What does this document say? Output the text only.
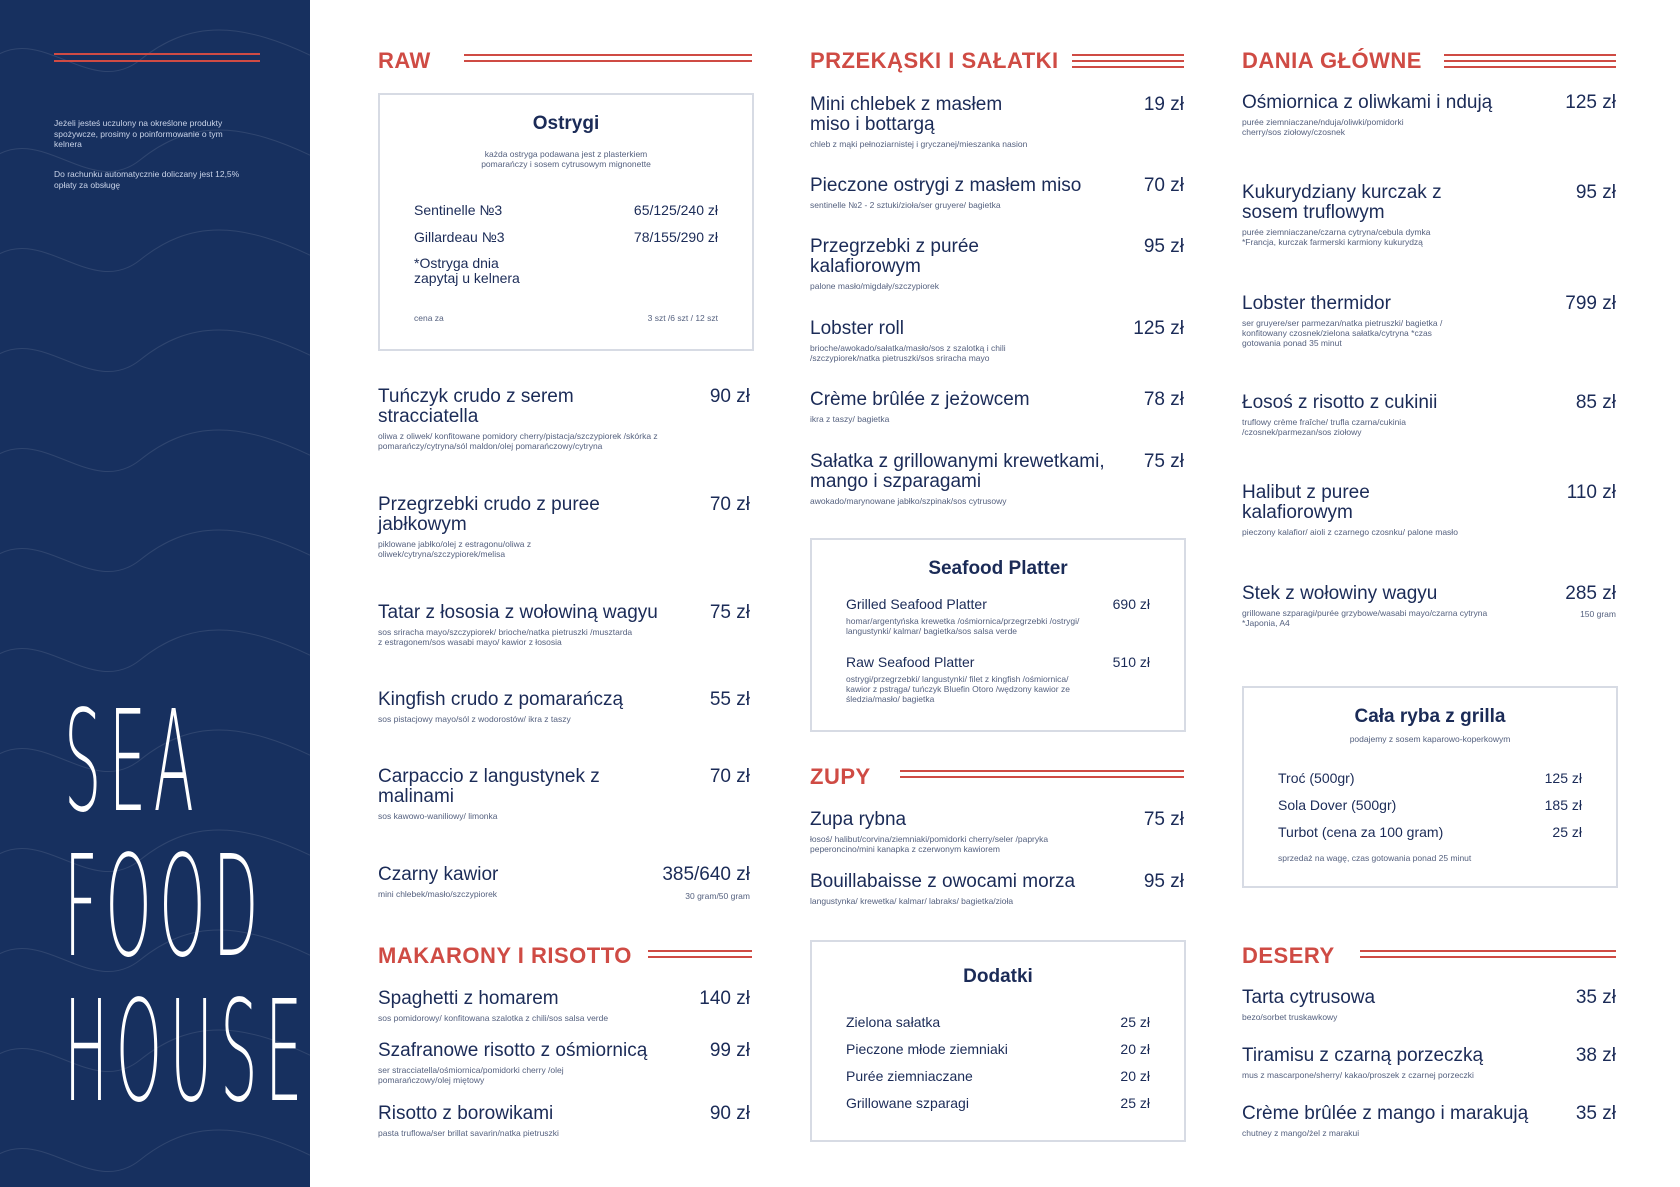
Jeżeli jesteś uczulony na określone produkty spożywcze, prosimy o poinformowanie o tym kelnera
Do rachunku automatycznie doliczany jest 12,5% opłaty za obsługę
SEA
FOOD
HOUSE
RAW
Ostrygi
każda ostryga podawana jest z plasterkiem pomarańczy i sosem cytrusowym mignonette
Sentinelle №3	65/125/240 zł
Gillardeau №3	78/155/290 zł
*Ostryga dnia zapytaj u kelnera
cena za	3 szt /6 szt / 12 szt
Tuńczyk crudo z serem stracciatella
90 zł
oliwa z oliwek/ konfitowane pomidory cherry/pistacja/szczypiorek /skórka z pomarańczy/cytryna/sól maldon/olej pomarańczowy/cytryna
Przegrzebki crudo z puree jabłkowym
70 zł
piklowane jabłko/olej z estragonu/oliwa z oliwek/cytryna/szczypiorek/melisa
Tatar z łososia z wołowiną wagyu	75 zł
sos sriracha mayo/szczypiorek/ brioche/natka pietruszki /musztarda z estragonem/sos wasabi mayo/ kawior z łososia
Kingfish crudo z pomarańczą	55 zł
sos pistacjowy mayo/sól z wodorostów/ ikra z taszy
Carpaccio z langustynek z malinami
70 zł
sos kawowo-waniliowy/ limonka
Czarny kawior	385/640 zł
mini chlebek/masło/szczypiorek	30 gram/50 gram
MAKARONY I RISOTTO
Spaghetti z homarem	140 zł
sos pomidorowy/ konfitowana szalotka z chili/sos salsa verde
Szafranowe risotto z ośmiornicą	99 zł
ser stracciatella/ośmiornica/pomidorki cherry /olej pomarańczowy/olej miętowy
Risotto z borowikami	90 zł
pasta truflowa/ser brillat savarin/natka pietruszki
PRZEKĄSKI I SAŁATKI
Mini chlebek z masłem miso i bottargą
19 zł
chleb z mąki pełnoziarnistej i gryczanej/mieszanka nasion
Pieczone ostrygi z masłem miso	70 zł
sentinelle №2 - 2 sztuki/zioła/ser gruyere/ bagietka
Przegrzebki z purée kalafiorowym
95 zł
palone masło/migdały/szczypiorek
Lobster roll	125 zł
brioche/awokado/sałatka/masło/sos z szalotką i chili /szczypiorek/natka pietruszki/sos sriracha mayo
Crème brûlée z jeżowcem	78 zł
ikra z taszy/ bagietka
Sałatka z grillowanymi krewetkami, mango i szparagami
75 zł
awokado/marynowane jabłko/szpinak/sos cytrusowy
Seafood Platter
Grilled Seafood Platter	690 zł
homar/argentyńska krewetka /ośmiornica/przegrzebki /ostrygi/ langustynki/ kalmar/ bagietka/sos salsa verde
Raw Seafood Platter	510 zł
ostrygi/przegrzebki/ langustynki/ filet z kingfish /ośmiornica/ kawior z pstrąga/ tuńczyk Bluefin Otoro /wędzony kawior ze śledzia/masło/ bagietka
ZUPY
Zupa rybna	75 zł
łosoś/ halibut/corvina/ziemniaki/pomidorki cherry/seler /papryka peperoncino/mini kanapka z czerwonym kawiorem
Bouillabaisse z owocami morza	95 zł
langustynka/ krewetka/ kalmar/ labraks/ bagietka/zioła
Dodatki
Zielona sałatka	25 zł
Pieczone młode ziemniaki	20 zł
Purée ziemniaczane	20 zł
Grillowane szparagi	25 zł
DANIA GŁÓWNE
Ośmiornica z oliwkami i ndują	125 zł
purée ziemniaczane/nduja/oliwki/pomidorki cherry/sos ziołowy/czosnek
Kukurydziany kurczak z sosem truflowym
95 zł
purée ziemniaczane/czarna cytryna/cebula dymka *Francja, kurczak farmerski karmiony kukurydzą
Lobster thermidor	799 zł
ser gruyere/ser parmezan/natka pietruszki/ bagietka / konfitowany czosnek/zielona sałatka/cytryna *czas gotowania ponad 35 minut
Łosoś z risotto z cukinii	85 zł
truflowy crème fraîche/ trufla czarna/cukinia /czosnek/parmezan/sos ziołowy
Halibut z puree kalafiorowym
110 zł
pieczony kalafior/ aioli z czarnego czosnku/ palone masło
Stek z wołowiny wagyu	285 zł
grillowane szparagi/purée grzybowe/wasabi mayo/czarna cytryna *Japonia, A4
150 gram
Cała ryba z grilla
podajemy z sosem kaparowo-koperkowym
Troć (500gr)	125 zł
Sola Dover (500gr)	185 zł
Turbot (cena za 100 gram)	25 zł
sprzedaż na wagę, czas gotowania ponad 25 minut
DESERY
Tarta cytrusowa	35 zł
bezo/sorbet truskawkowy
Tiramisu z czarną porzeczką	38 zł
mus z mascarpone/sherry/ kakao/proszek z czarnej porzeczki
Crème brûlée z mango i marakują	35 zł
chutney z mango/żel z marakui
